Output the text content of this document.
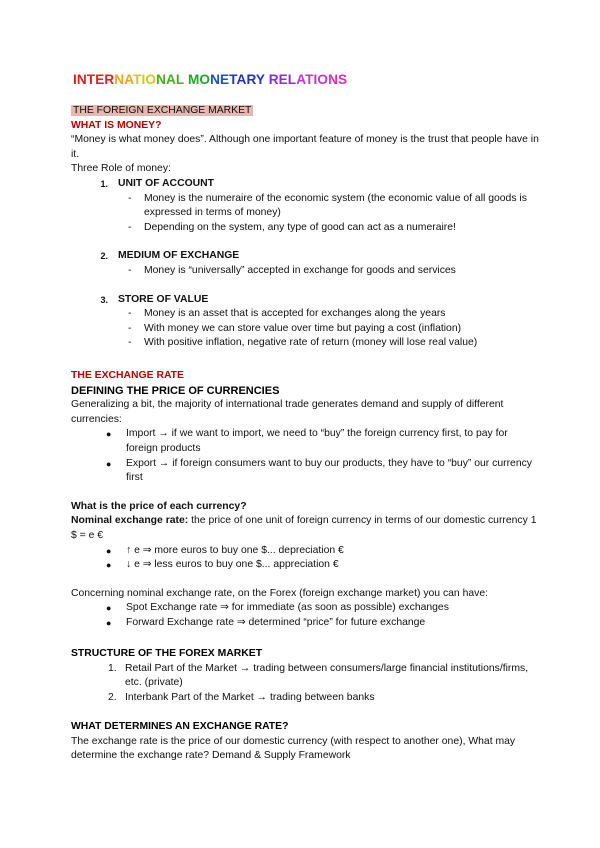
INTERNATIONAL MONETARY RELATIONS

THE FOREIGN EXCHANGE MARKET

WHAT IS MONEY?

“Money is what money does”. Although one important feature of money is the trust that people have in it.

Three Role of money:

1. UNIT OF ACCOUNT
-	Money is the numeraire of the economic system (the economic value of all goods is expressed in terms of money)
-	Depending on the system, any type of good can act as a numeraire!
2. MEDIUM OF EXCHANGE
-	Money is “universally” accepted in exchange for goods and services
3. STORE OF VALUE
-	Money is an asset that is accepted for exchanges along the years
-	With money we can store value over time but paying a cost (inflation)
-	With positive inflation, negative rate of return (money will lose real value)

THE EXCHANGE RATE

DEFINING THE PRICE OF CURRENCIES

Generalizing a bit, the majority of international trade generates demand and supply of different currencies:

●	Import → if we want to import, we need to “buy” the foreign currency first, to pay for foreign products
●	Export → if foreign consumers want to buy our products, they have to “buy” our currency first

What is the price of each currency?

Nominal exchange rate: the price of one unit of foreign currency in terms of our domestic currency 1 $ = e €

●	↑ e ⇒ more euros to buy one $... depreciation €
●	↓ e ⇒ less euros to buy one $... appreciation €

Concerning nominal exchange rate, on the Forex (foreign exchange market) you can have:

●	Spot Exchange rate ⇒ for immediate (as soon as possible) exchanges
●	Forward Exchange rate ⇒ determined “price” for future exchange

STRUCTURE OF THE FOREX MARKET

1. Retail Part of the Market → trading between consumers/large financial institutions/firms, etc. (private)
2. Interbank Part of the Market → trading between banks

WHAT DETERMINES AN EXCHANGE RATE?

The exchange rate is the price of our domestic currency (with respect to another one), What may determine the exchange rate? Demand & Supply Framework
